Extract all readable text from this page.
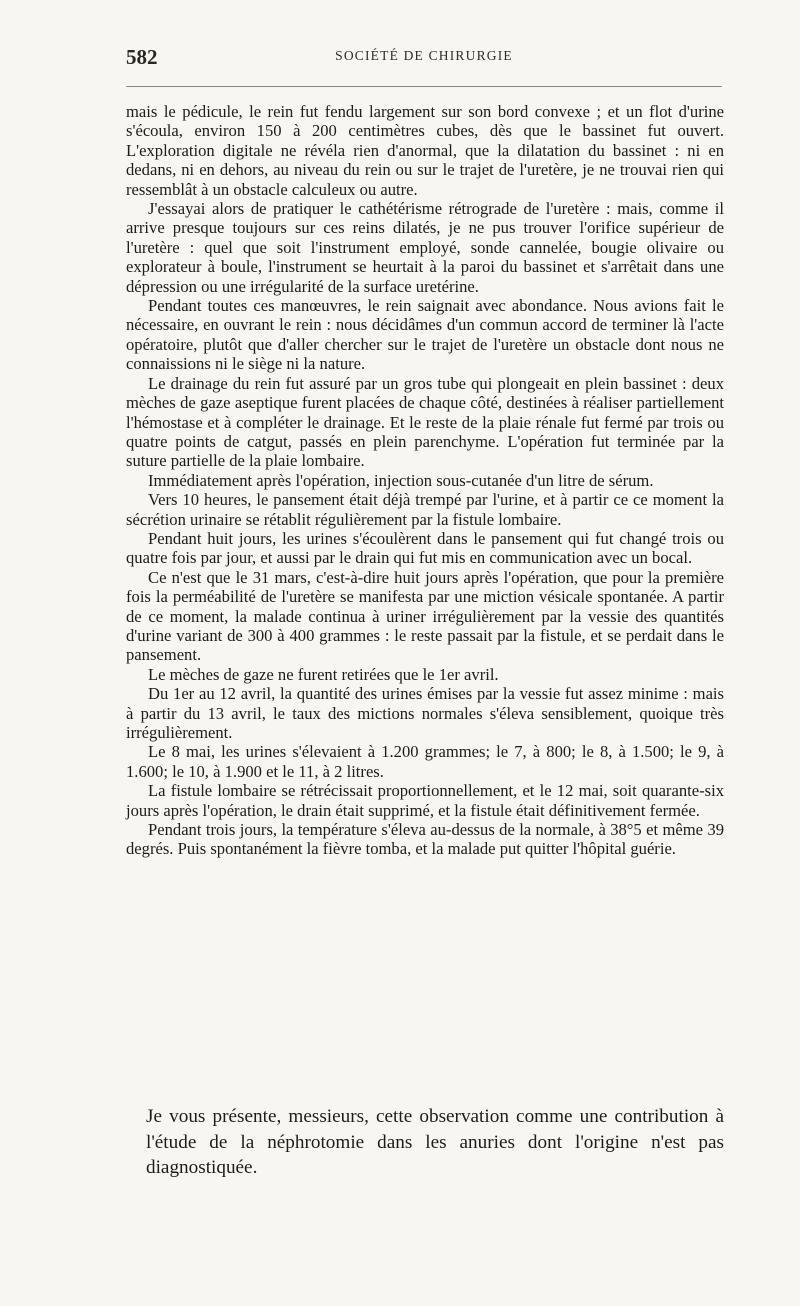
582	SOCIÉTÉ DE CHIRURGIE

mais le pédicule, le rein fut fendu largement sur son bord convexe ; et un flot d'urine s'écoula, environ 150 à 200 centimètres cubes, dès que le bassinet fut ouvert. L'exploration digitale ne révéla rien d'anormal, que la dilatation du bassinet : ni en dedans, ni en dehors, au niveau du rein ou sur le trajet de l'uretère, je ne trouvai rien qui ressemblât à un obstacle calculeux ou autre.

J'essayai alors de pratiquer le cathétérisme rétrograde de l'uretère : mais, comme il arrive presque toujours sur ces reins dilatés, je ne pus trouver l'orifice supérieur de l'uretère : quel que soit l'instrument employé, sonde cannelée, bougie olivaire ou explorateur à boule, l'instrument se heurtait à la paroi du bassinet et s'arrêtait dans une dépression ou une irrégularité de la surface uretérine.

Pendant toutes ces manœuvres, le rein saignait avec abondance. Nous avions fait le nécessaire, en ouvrant le rein : nous décidâmes d'un commun accord de terminer là l'acte opératoire, plutôt que d'aller chercher sur le trajet de l'uretère un obstacle dont nous ne connaissions ni le siège ni la nature.

Le drainage du rein fut assuré par un gros tube qui plongeait en plein bassinet : deux mèches de gaze aseptique furent placées de chaque côté, destinées à réaliser partiellement l'hémostase et à compléter le drainage. Et le reste de la plaie rénale fut fermé par trois ou quatre points de catgut, passés en plein parenchyme. L'opération fut terminée par la suture partielle de la plaie lombaire.

Immédiatement après l'opération, injection sous-cutanée d'un litre de sérum.

Vers 10 heures, le pansement était déjà trempé par l'urine, et à partir ce ce moment la sécrétion urinaire se rétablit régulièrement par la fistule lombaire.

Pendant huit jours, les urines s'écoulèrent dans le pansement qui fut changé trois ou quatre fois par jour, et aussi par le drain qui fut mis en communication avec un bocal.

Ce n'est que le 31 mars, c'est-à-dire huit jours après l'opération, que pour la première fois la perméabilité de l'uretère se manifesta par une miction vésicale spontanée. A partir de ce moment, la malade continua à uriner irrégulièrement par la vessie des quantités d'urine variant de 300 à 400 grammes : le reste passait par la fistule, et se perdait dans le pansement.

Le mèches de gaze ne furent retirées que le 1er avril.

Du 1er au 12 avril, la quantité des urines émises par la vessie fut assez minime : mais à partir du 13 avril, le taux des mictions normales s'éleva sensiblement, quoique très irrégulièrement.

Le 8 mai, les urines s'élevaient à 1.200 grammes; le 7, à 800; le 8, à 1.500; le 9, à 1.600; le 10, à 1.900 et le 11, à 2 litres.

La fistule lombaire se rétrécissait proportionnellement, et le 12 mai, soit quarante-six jours après l'opération, le drain était supprimé, et la fistule était définitivement fermée.

Pendant trois jours, la température s'éleva au-dessus de la normale, à 38°5 et même 39 degrés. Puis spontanément la fièvre tomba, et la malade put quitter l'hôpital guérie.

Je vous présente, messieurs, cette observation comme une contribution à l'étude de la néphrotomie dans les anuries dont l'origine n'est pas diagnostiquée.
